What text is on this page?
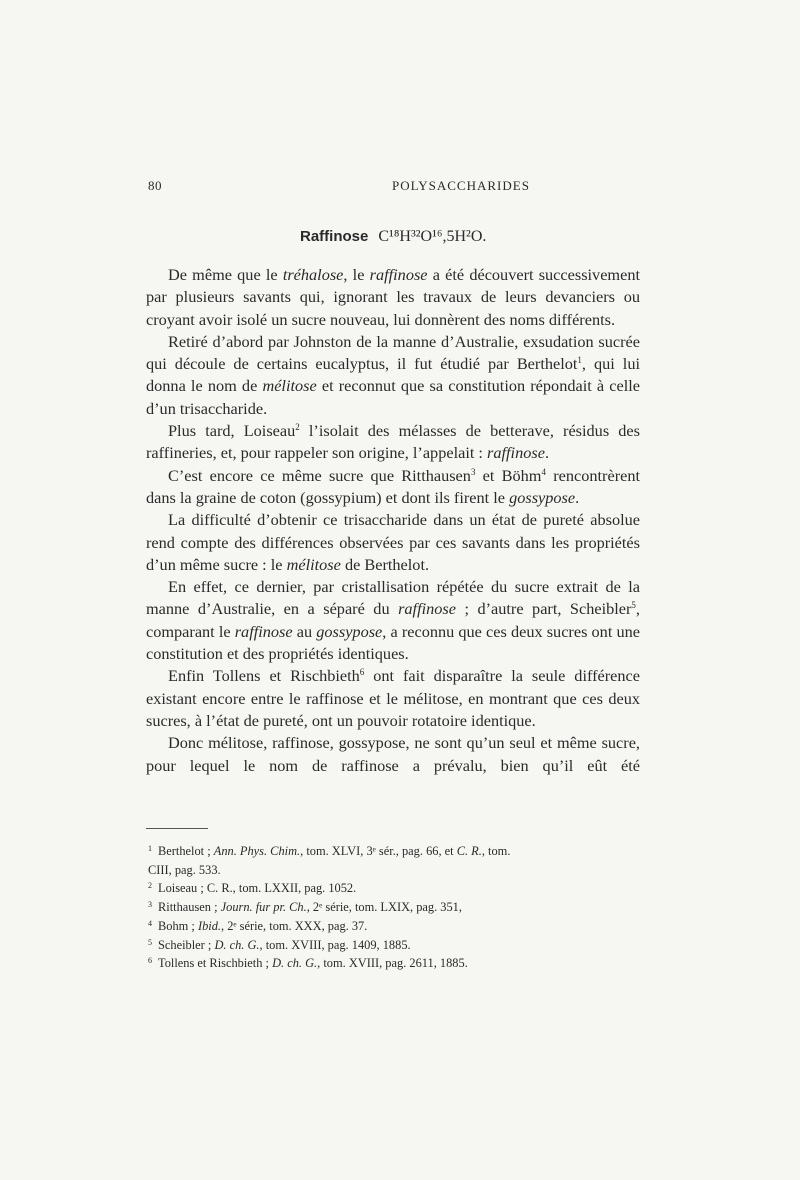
80	POLYSACCHARIDES
Raffinose C¹⁸H³²O¹⁶,5H²O.

De même que le tréhalose, le raffinose a été découvert successivement par plusieurs savants qui, ignorant les travaux de leurs devanciers ou croyant avoir isolé un sucre nouveau, lui donnèrent des noms différents.

Retiré d’abord par Johnston de la manne d’Australie, exsudation sucrée qui découle de certains eucalyptus, il fut étudié par Berthelot$^1$, qui lui donna le nom de mélitose et reconnut que sa constitution répondait à celle d’un trisaccharide.

Plus tard, Loiseau$^2$ l’isolait des mélasses de betterave, résidus des raffineries, et, pour rappeler son origine, l’appelait : raffinose.

C’est encore ce même sucre que Ritthausen$^3$ et Böhm$^4$ rencontrèrent dans la graine de coton (gossypium) et dont ils firent le gossypose.

La difficulté d’obtenir ce trisaccharide dans un état de pureté absolue rend compte des différences observées par ces savants dans les propriétés d’un même sucre : le mélitose de Berthelot.

En effet, ce dernier, par cristallisation répétée du sucre extrait de la manne d’Australie, en a séparé du raffinose ; d’autre part, Scheibler$^5$, comparant le raffinose au gossypose, a reconnu que ces deux sucres ont une constitution et des propriétés identiques.

Enfin Tollens et Rischbieth$^6$ ont fait disparaître la seule différence existant encore entre le raffinose et le mélitose, en montrant que ces deux sucres, à l’état de pureté, ont un pouvoir rotatoire identique.

Donc mélitose, raffinose, gossypose, ne sont qu’un seul et même sucre, pour lequel le nom de raffinose a prévalu, bien qu’il eût été

$^1$ Berthelot ; Ann. Phys. Chim., tom. XLVI, 3ᵉ sér., pag. 66, et C. R., tom.
CIII, pag. 533.
$^2$ Loiseau ; C. R., tom. LXXII, pag. 1052.
$^3$ Ritthausen ; Journ. fur pr. Ch., 2ᵉ série, tom. LXIX, pag. 351,
$^4$ Bohm ; Ibid., 2ᵉ série, tom. XXX, pag. 37.
$^5$ Scheibler ; D. ch. G., tom. XVIII, pag. 1409, 1885.
$^6$ Tollens et Rischbieth ; D. ch. G., tom. XVIII, pag. 2611, 1885.
